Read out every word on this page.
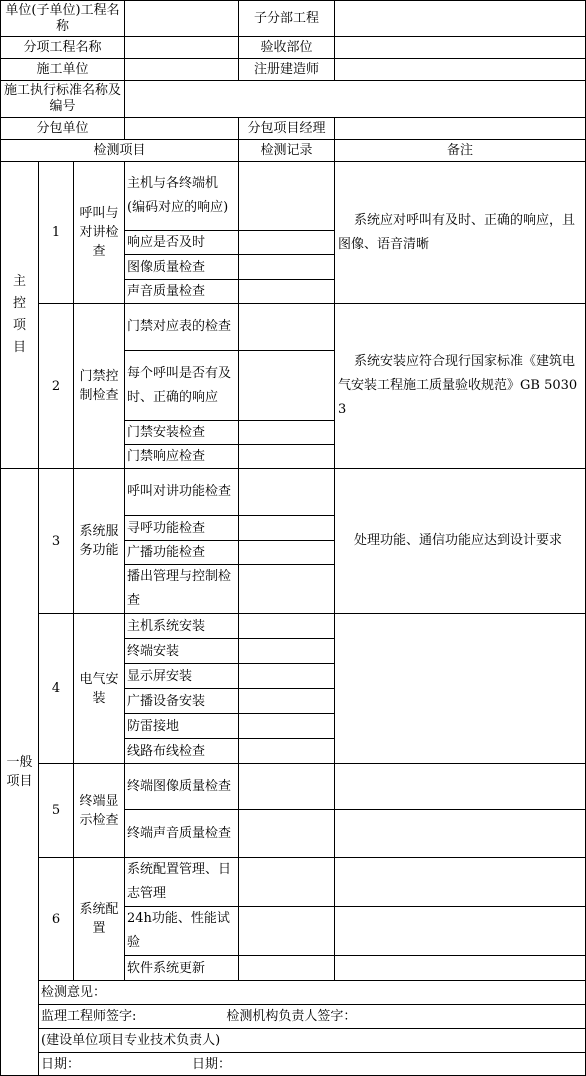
单位(子单位)工程名称				子分部工程	
分项工程名称				验收部位	
施工单位				注册建造师	
施工执行标准名称及编号					
分包单位				分包项目经理	
检测项目				检测记录	备注
主控项目	1	呼叫与对讲检查	主机与各终端机(编码对应的响应)		系统应对呼叫有及时、正确的响应，且图像、语音清晰
			响应是否及时		
			图像质量检查		
			声音质量检查		
	2	门禁控制检查	门禁对应表的检查		系统安装应符合现行国家标准《建筑电气安装工程施工质量验收规范》GB 50303
			每个呼叫是否有及时、正确的响应		
			门禁安装检查		
			门禁响应检查		
一般项目	3	系统服务功能	呼叫对讲功能检查		处理功能、通信功能应达到设计要求
			寻呼功能检查		
			广播功能检查		
			播出管理与控制检查		
	4	电气安装	主机系统安装		
			终端安装		
			显示屏安装		
			广播设备安装		
			防雷接地		
			线路布线检查		
	5	终端显示检查	终端图像质量检查		
			终端声音质量检查		
	6	系统配置	系统配置管理、日志管理		
			24h功能、性能试验		
			软件系统更新		
	检测意见：				
	监理工程师签字: 检测机构负责人签字：				
	(建设单位项目专业技术负责人)				
	日期： 日期：				
